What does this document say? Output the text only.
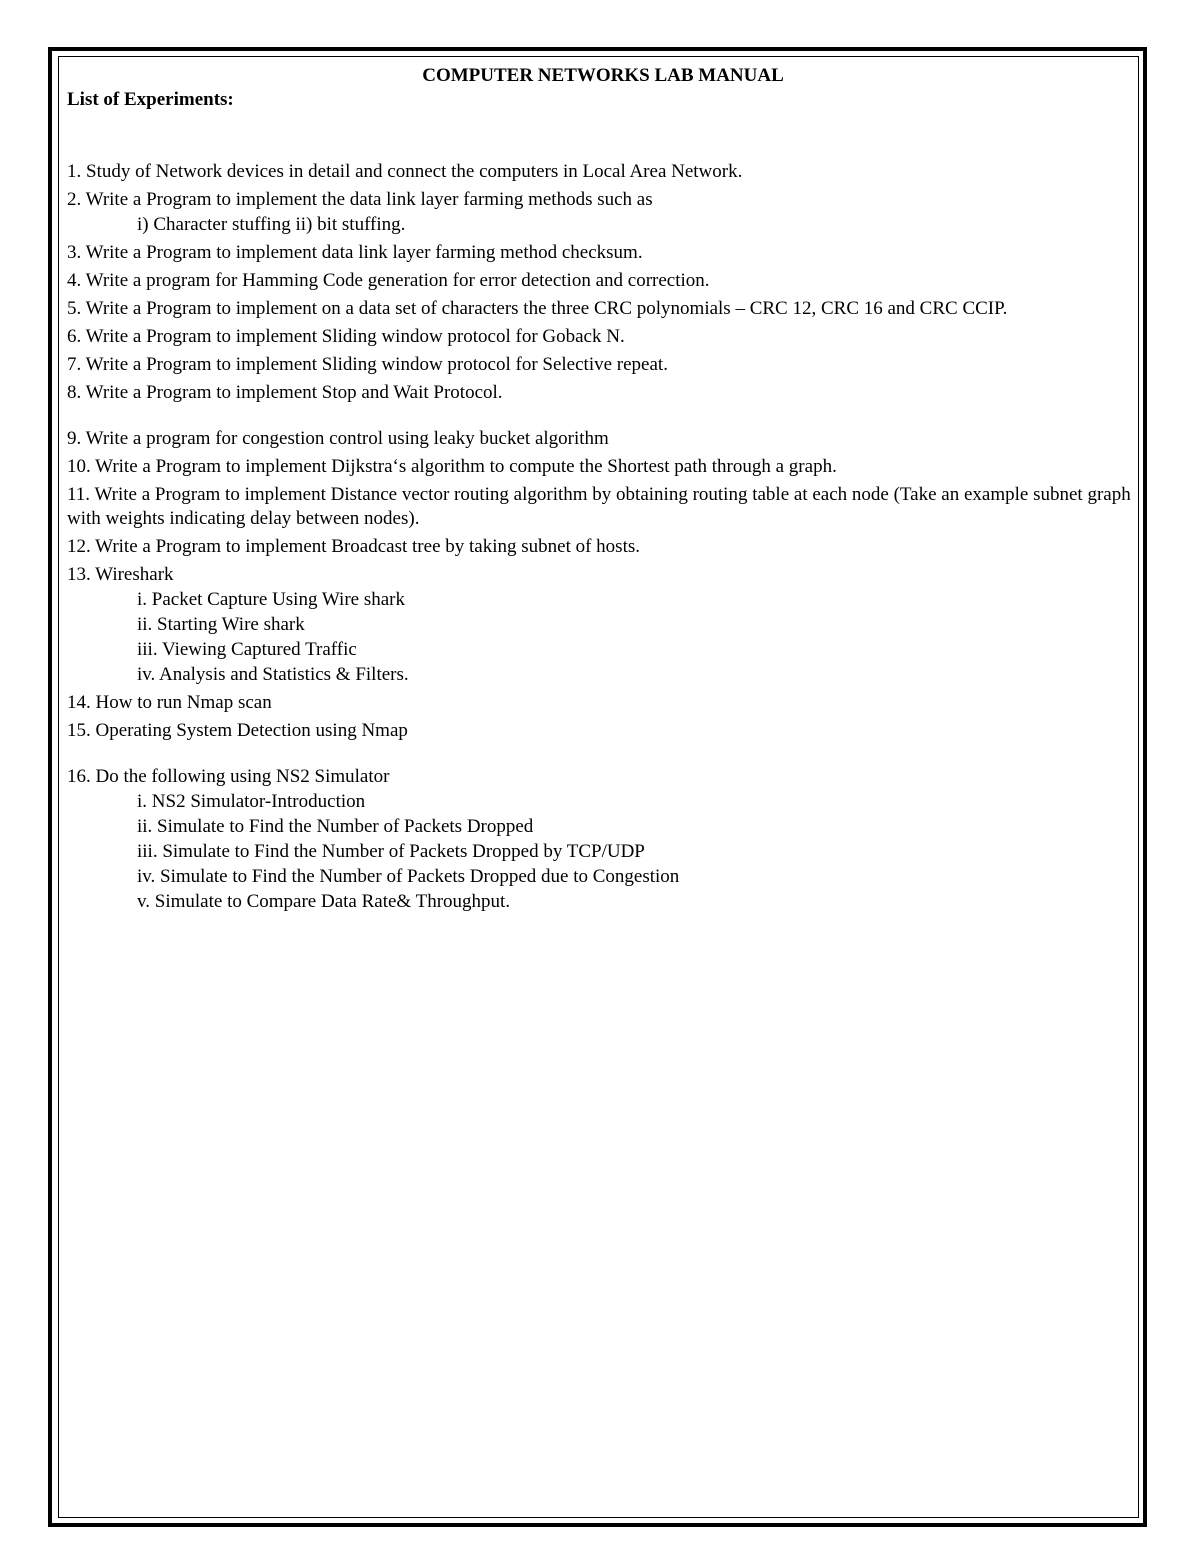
COMPUTER NETWORKS LAB MANUAL

List of Experiments:

1. Study of Network devices in detail and connect the computers in Local Area Network.

2. Write a Program to implement the data link layer farming methods such as

i) Character stuffing ii) bit stuffing.

3. Write a Program to implement data link layer farming method checksum.

4. Write a program for Hamming Code generation for error detection and correction.

5. Write a Program to implement on a data set of characters the three CRC polynomials – CRC 12, CRC 16 and CRC CCIP.

6. Write a Program to implement Sliding window protocol for Goback N.

7. Write a Program to implement Sliding window protocol for Selective repeat.

8. Write a Program to implement Stop and Wait Protocol.

9. Write a program for congestion control using leaky bucket algorithm

10. Write a Program to implement Dijkstra‘s algorithm to compute the Shortest path through a graph.

11. Write a Program to implement Distance vector routing algorithm by obtaining routing table at each node (Take an example subnet graph with weights indicating delay between nodes).

12. Write a Program to implement Broadcast tree by taking subnet of hosts.

13. Wireshark

i. Packet Capture Using Wire shark

ii. Starting Wire shark

iii. Viewing Captured Traffic

iv. Analysis and Statistics & Filters.

14. How to run Nmap scan

15. Operating System Detection using Nmap

16. Do the following using NS2 Simulator

i. NS2 Simulator-Introduction

ii. Simulate to Find the Number of Packets Dropped

iii. Simulate to Find the Number of Packets Dropped by TCP/UDP

iv. Simulate to Find the Number of Packets Dropped due to Congestion

v. Simulate to Compare Data Rate& Throughput.
